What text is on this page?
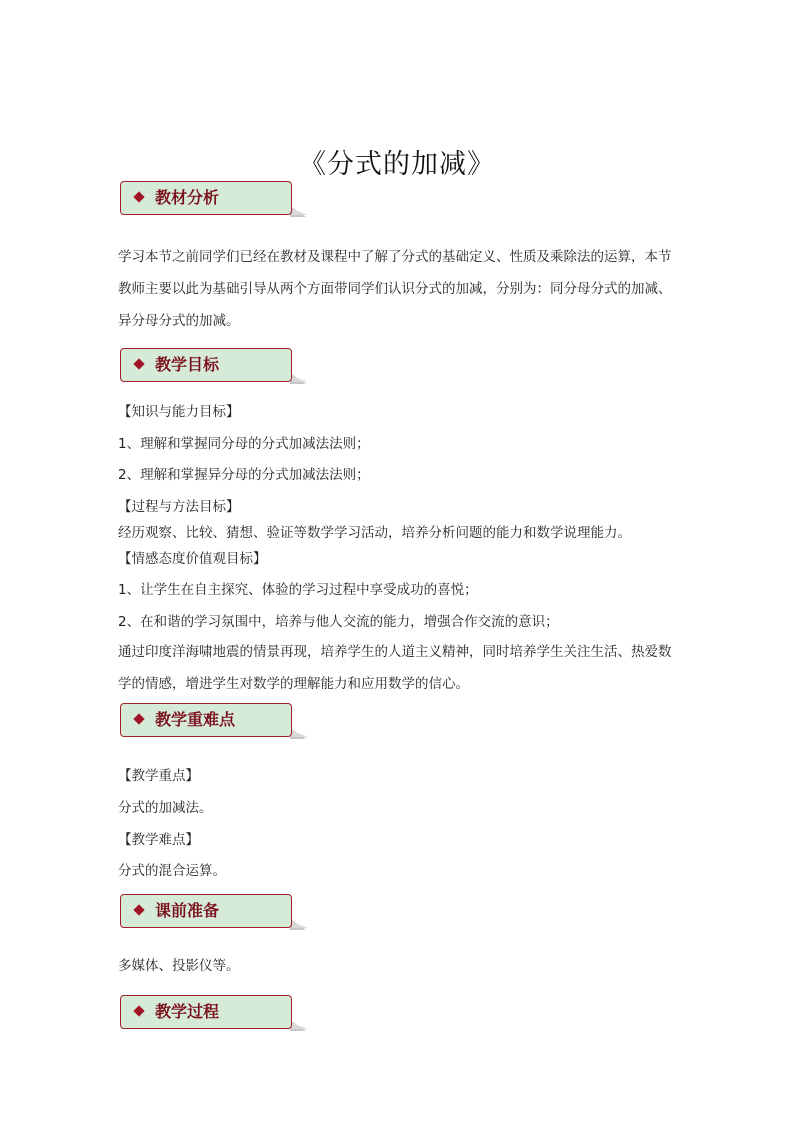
《分式的加减》
教材分析
学习本节之前同学们已经在教材及课程中了解了分式的基础定义、性质及乘除法的运算，本节教师主要以此为基础引导从两个方面带同学们认识分式的加减，分别为：同分母分式的加减、异分母分式的加减。
教学目标
【知识与能力目标】
1、理解和掌握同分母的分式加减法法则；
2、理解和掌握异分母的分式加减法法则；
【过程与方法目标】
经历观察、比较、猜想、验证等数学学习活动，培养分析问题的能力和数学说理能力。
【情感态度价值观目标】
1、让学生在自主探究、体验的学习过程中享受成功的喜悦；
2、在和谐的学习氛围中，培养与他人交流的能力，增强合作交流的意识；
通过印度洋海啸地震的情景再现，培养学生的人道主义精神，同时培养学生关注生活、热爱数学的情感，增进学生对数学的理解能力和应用数学的信心。
教学重难点
【教学重点】
分式的加减法。
【教学难点】
分式的混合运算。
课前准备
多媒体、投影仪等。
教学过程
